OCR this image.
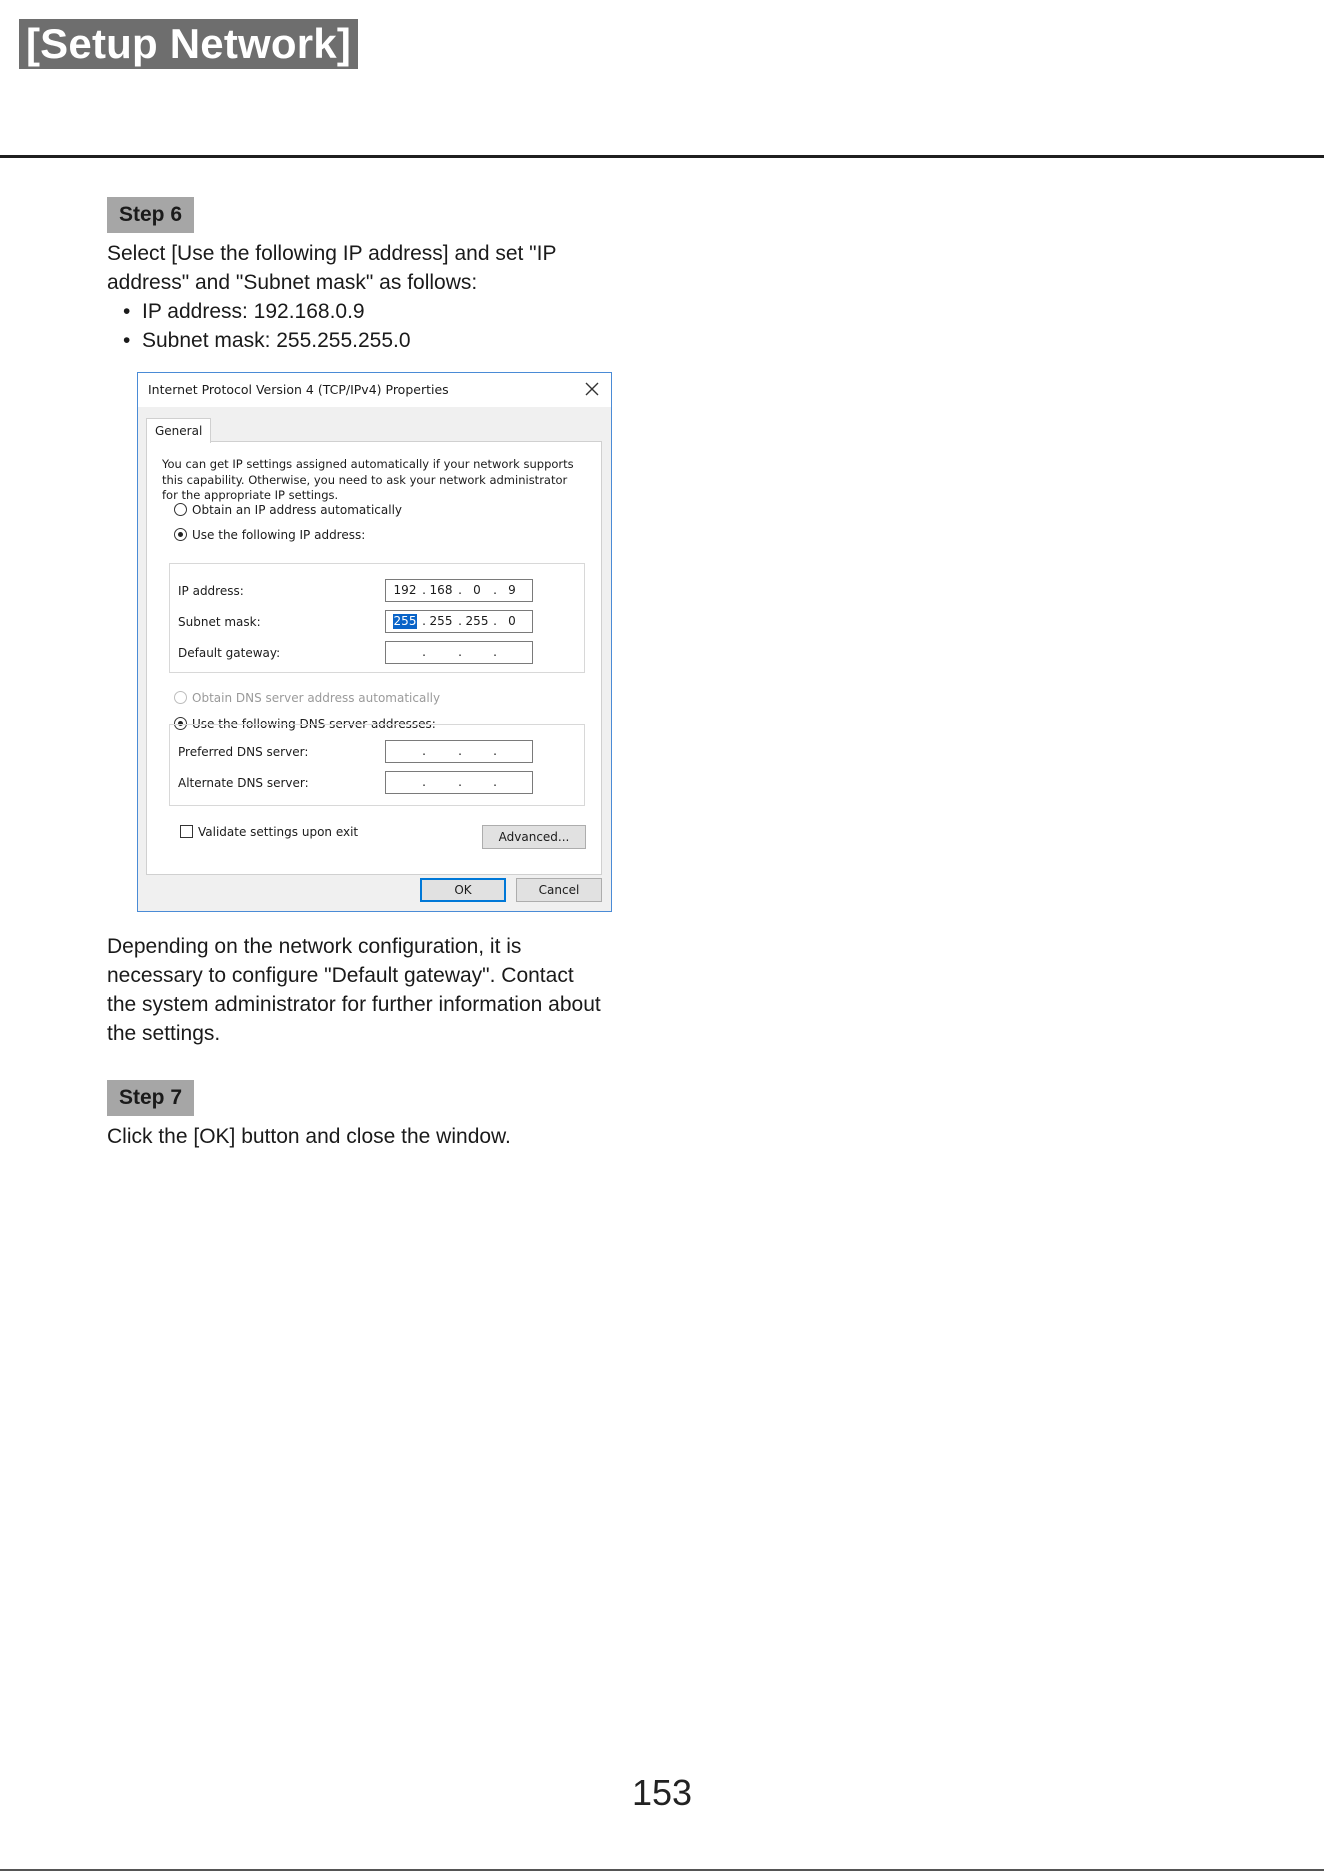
[Setup Network]
Step 6
Select [Use the following IP address] and set "IP
address" and "Subnet mask" as follows:
• IP address: 192.168.0.9
• Subnet mask: 255.255.255.0
Internet Protocol Version 4 (TCP/IPv4) Properties
General
You can get IP settings assigned automatically if your network supports
this capability. Otherwise, you need to ask your network administrator
for the appropriate IP settings.
Obtain an IP address automatically
Use the following IP address:
IP address:	192 . 168 . 0	. 9
Subnet mask:	255 . 255 . 255 . 0
Default gateway:	.	.	.
Obtain DNS server address automatically
Use the following DNS server addresses:
Preferred DNS server:	.	.	.
Alternate DNS server:	.	.	.
Validate settings upon exit	Advanced...
OK	Cancel
Depending on the network configuration, it is
necessary to configure "Default gateway". Contact
the system administrator for further information about
the settings.
Step 7
Click the [OK] button and close the window.
153
